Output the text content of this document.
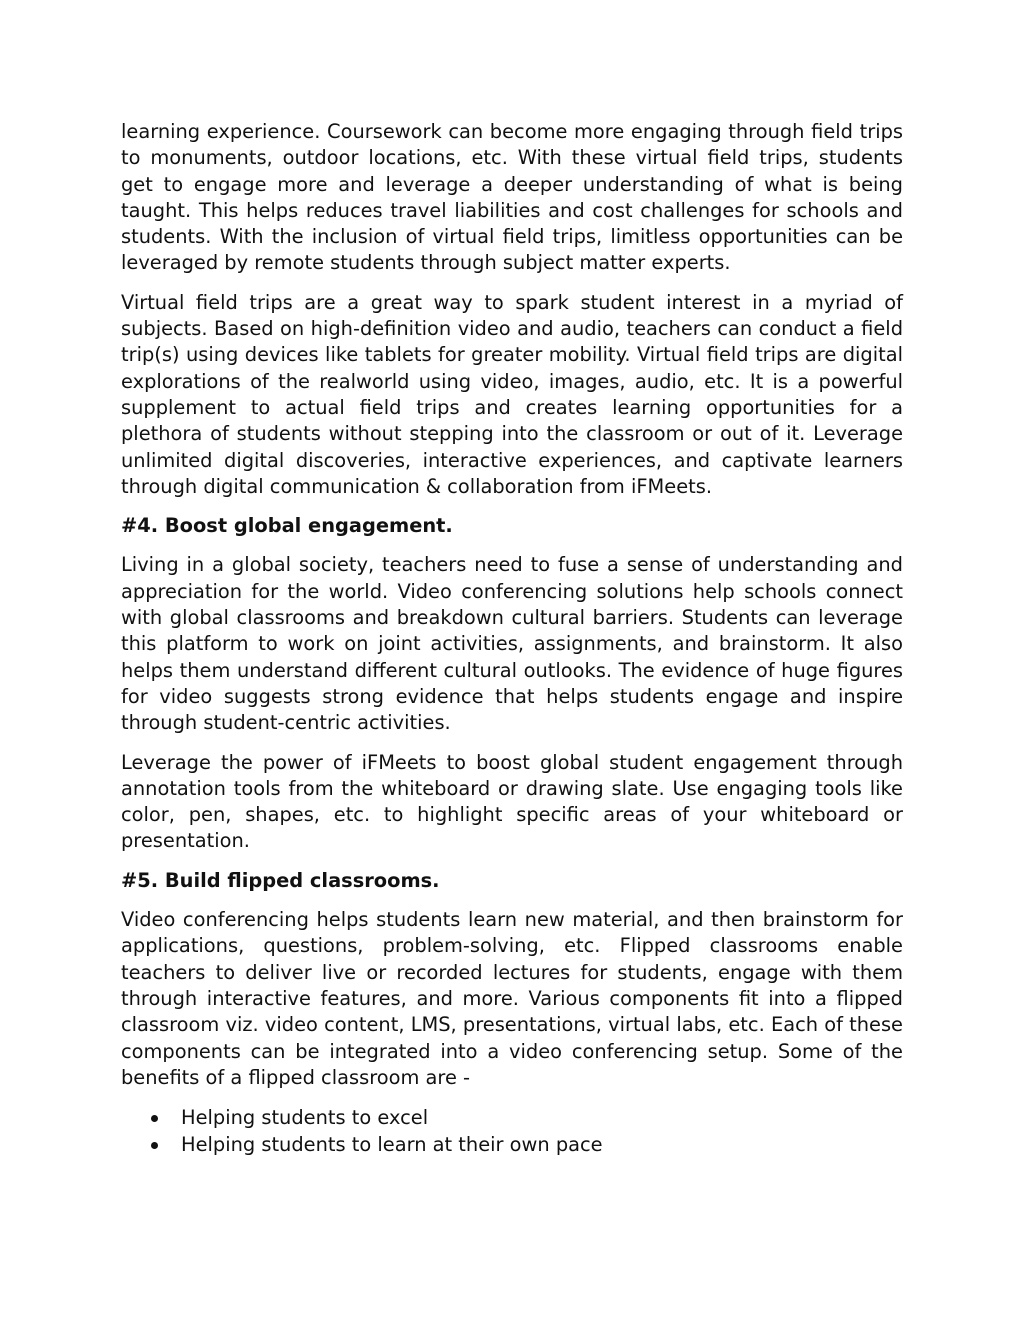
learning experience. Coursework can become more engaging through field trips to monuments, outdoor locations, etc. With these virtual field trips, students get to engage more and leverage a deeper understanding of what is being taught. This helps reduces travel liabilities and cost challenges for schools and students. With the inclusion of virtual field trips, limitless opportunities can be leveraged by remote students through subject matter experts.

Virtual field trips are a great way to spark student interest in a myriad of subjects. Based on high-definition video and audio, teachers can conduct a field trip(s) using devices like tablets for greater mobility. Virtual field trips are digital explorations of the realworld using video, images, audio, etc. It is a powerful supplement to actual field trips and creates learning opportunities for a plethora of students without stepping into the classroom or out of it. Leverage unlimited digital discoveries, interactive experiences, and captivate learners through digital communication & collaboration from iFMeets.

#4. Boost global engagement.

Living in a global society, teachers need to fuse a sense of understanding and appreciation for the world. Video conferencing solutions help schools connect with global classrooms and breakdown cultural barriers. Students can leverage this platform to work on joint activities, assignments, and brainstorm. It also helps them understand different cultural outlooks. The evidence of huge figures for video suggests strong evidence that helps students engage and inspire through student-centric activities.

Leverage the power of iFMeets to boost global student engagement through annotation tools from the whiteboard or drawing slate. Use engaging tools like color, pen, shapes, etc. to highlight specific areas of your whiteboard or presentation.

#5. Build flipped classrooms.

Video conferencing helps students learn new material, and then brainstorm for applications, questions, problem-solving, etc. Flipped classrooms enable teachers to deliver live or recorded lectures for students, engage with them through interactive features, and more. Various components fit into a flipped classroom viz. video content, LMS, presentations, virtual labs, etc. Each of these components can be integrated into a video conferencing setup. Some of the benefits of a flipped classroom are -

Helping students to excel
Helping students to learn at their own pace
